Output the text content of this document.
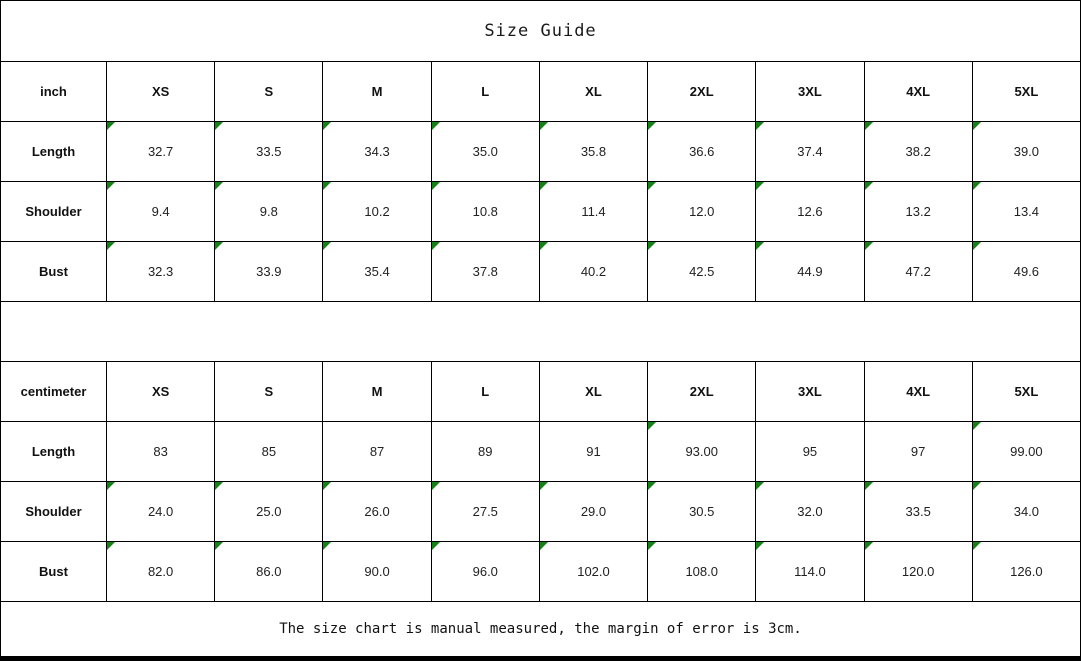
Size Guide
inch	XS	S	M	L	XL	2XL	3XL	4XL	5XL
Length	32.7	33.5	34.3	35.0	35.8	36.6	37.4	38.2	39.0
Shoulder	9.4	9.8	10.2	10.8	11.4	12.0	12.6	13.2	13.4
Bust	32.3	33.9	35.4	37.8	40.2	42.5	44.9	47.2	49.6
centimeter	XS	S	M	L	XL	2XL	3XL	4XL	5XL
Length	83	85	87	89	91	93.00	95	97	99.00
Shoulder	24.0	25.0	26.0	27.5	29.0	30.5	32.0	33.5	34.0
Bust	82.0	86.0	90.0	96.0	102.0	108.0	114.0	120.0	126.0
The size chart is manual measured, the margin of error is 3cm.
